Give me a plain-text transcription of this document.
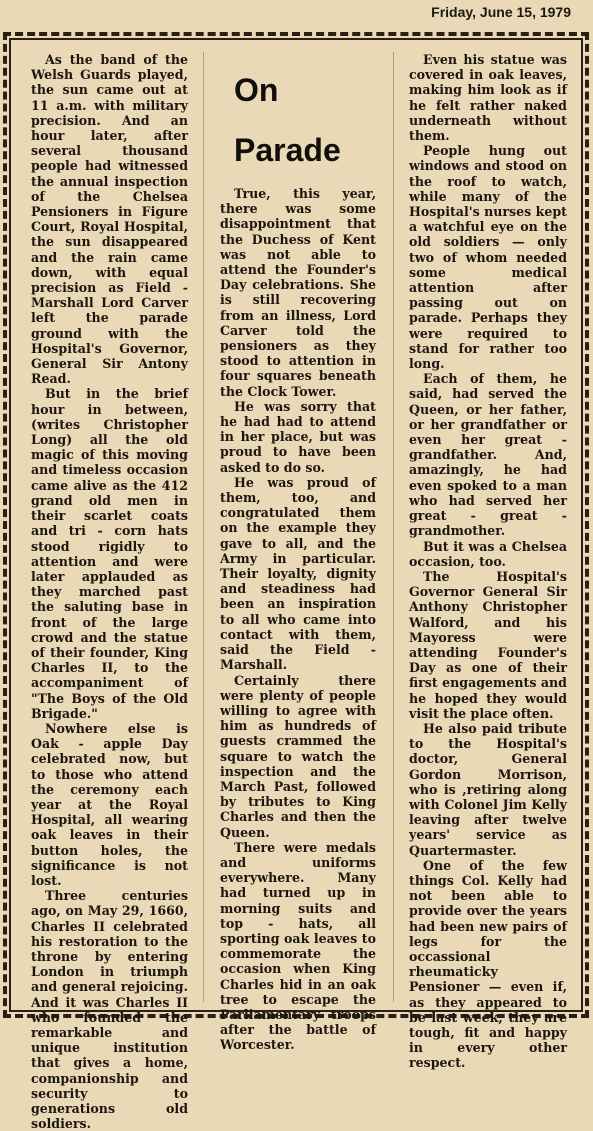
Friday, June 15, 1979

As the band of the Welsh Guards played, the sun came out at 11 a.m. with military precision. And an hour later, after several thousand people had witnessed the annual inspection of the Chelsea Pensioners in Figure Court, Royal Hospital, the sun disappeared and the rain came down, with equal precision as Field - Marshall Lord Carver left the parade ground with the Hospital's Governor, General Sir Antony Read.

But in the brief hour in between, (writes Christopher Long) all the old magic of this moving and timeless occasion came alive as the 412 grand old men in their scarlet coats and tri - corn hats stood rigidly to attention and were later applauded as they marched past the saluting base in front of the large crowd and the statue of their founder, King Charles II, to the accompaniment of "The Boys of the Old Brigade."

Nowhere else is Oak - apple Day celebrated now, but to those who attend the ceremony each year at the Royal Hospital, all wearing oak leaves in their button holes, the significance is not lost.

Three centuries ago, on May 29, 1660, Charles II celebrated his restoration to the throne by entering London in triumph and general rejoicing. And it was Charles II who founded the remarkable and unique institution that gives a home, companionship and security to generations old soldiers.

On
Parade

True, this year, there was some disappointment that the Duchess of Kent was not able to attend the Founder's Day celebrations. She is still recovering from an illness, Lord Carver told the pensioners as they stood to attention in four squares beneath the Clock Tower.

He was sorry that he had had to attend in her place, but was proud to have been asked to do so.

He was proud of them, too, and congratulated them on the example they gave to all, and the Army in particular. Their loyalty, dignity and steadiness had been an inspiration to all who came into contact with them, said the Field - Marshall.

Certainly there were plenty of people willing to agree with him as hundreds of guests crammed the square to watch the inspection and the March Past, followed by tributes to King Charles and then the Queen.

There were medals and uniforms everywhere. Many had turned up in morning suits and top - hats, all sporting oak leaves to commemorate the occasion when King Charles hid in an oak tree to escape the Parliamentary troops after the battle of Worcester.

Even his statue was covered in oak leaves, making him look as if he felt rather naked underneath without them.

People hung out windows and stood on the roof to watch, while many of the Hospital's nurses kept a watchful eye on the old soldiers — only two of whom needed some medical attention after passing out on parade. Perhaps they were required to stand for rather too long.

Each of them, he said, had served the Queen, or her father, or her grandfather or even her great - grandfather. And, amazingly, he had even spoked to a man who had served her great - great - grandmother.

But it was a Chelsea occasion, too.

The Hospital's Governor General Sir Anthony Christopher Walford, and his Mayoress were attending Founder's Day as one of their first engagements and he hoped they would visit the place often.

He also paid tribute to the Hospital's doctor, General Gordon Morrison, who is ,retiring along with Colonel Jim Kelly leaving after twelve years' service as Quartermaster.

One of the few things Col. Kelly had not been able to provide over the years had been new pairs of legs for the occassional rheumaticky Pensioner — even if, as they appeared to be last week, they are tough, fit and happy in every other respect.
